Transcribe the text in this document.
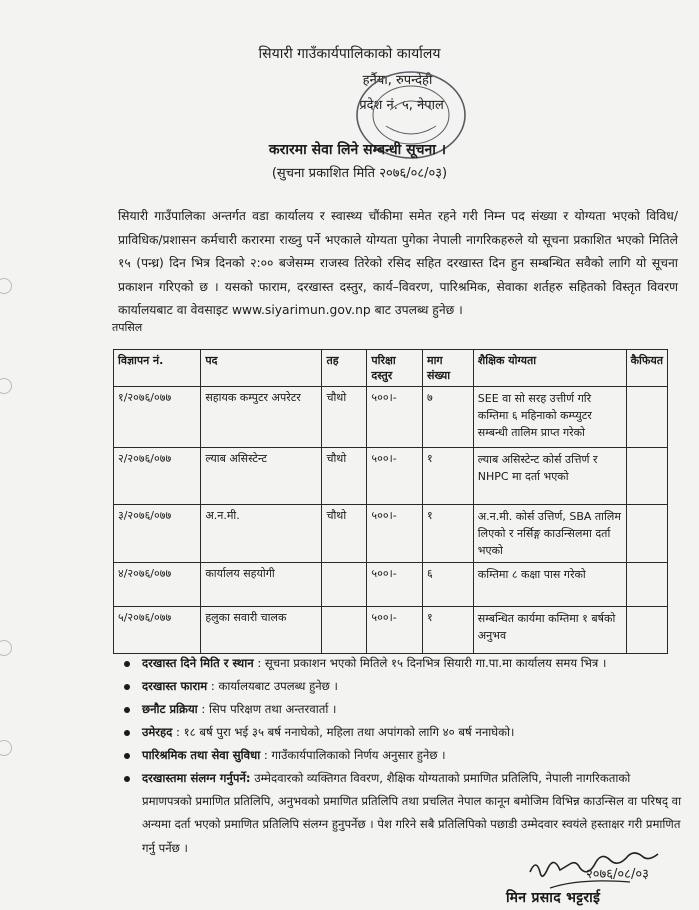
सियारी गाउँकार्यपालिकाको कार्यालय
हर्नैया, रुपन्देही
प्रदेश नं. ५, नेपाल
करारमा सेवा लिने सम्बन्धी सूचना ।
(सुचना प्रकाशित मिति २०७६/०८/०३)
सियारी गाउँपालिका अन्तर्गत वडा कार्यालय र स्वास्थ्य चौंकीमा समेत रहने गरी निम्न पद संख्या र योग्यता भएको विविध/प्राविधिक/प्रशासन कर्मचारी करारमा राख्नु पर्ने भएकाले योग्यता पुगेका नेपाली नागरिकहरुले यो सूचना प्रकाशित भएको मितिले १५ (पन्ध्र) दिन भित्र दिनको २:०० बजेसम्म राजस्व तिरेको रसिद सहित दरखास्त दिन हुन सम्बन्धित सवैको लागि यो सूचना प्रकाशन गरिएको छ । यसको फाराम, दरखास्त दस्तुर, कार्य–विवरण, पारिश्रमिक, सेवाका शर्तहरु सहितको विस्तृत विवरण कार्यालयबाट वा वेवसाइट www.siyarimun.gov.np बाट उपलब्ध हुनेछ ।
तपसिल
विज्ञापन नं.	पद	तह	परिक्षा दस्तुर	माग संख्या	शैक्षिक योग्यता	कैफियत
१/२०७६/०७७	सहायक कम्पुटर अपरेटर	चौथो	५००।-	७	SEE वा सो सरह उत्तीर्ण गरि कम्तिमा ६ महिनाको कम्प्युटर सम्बन्धी तालिम प्राप्त गरेको	
२/२०७६/०७७	ल्याब असिस्टेन्ट	चौथो	५००।-	१	ल्याब असिस्टेन्ट कोर्स उत्तिर्ण र NHPC मा दर्ता भएको	
३/२०७६/०७७	अ.न.मी.	चौथो	५००।-	१	अ.न.मी. कोर्स उत्तिर्ण, SBA तालिम लिएको र नर्सिङ्ग काउन्सिलमा दर्ता भएको	
४/२०७६/०७७	कार्यालय सहयोगी		५००।-	६	कम्तिमा ८ कक्षा पास गरेको	
५/२०७६/०७७	हलुका सवारी चालक		५००।-	१	सम्बन्धित कार्यमा कम्तिमा १ बर्षको अनुभव	
दरखास्त दिने मिति र स्थान : सूचना प्रकाशन भएको मितिले १५ दिनभित्र सियारी गा.पा.मा कार्यालय समय भित्र ।
दरखास्त फाराम : कार्यालयबाट उपलब्ध हुनेछ ।
छनौट प्रक्रिया : सिप परिक्षण तथा अन्तरवार्ता ।
उमेरहद : १८ बर्ष पुरा भई ३५ बर्ष ननाघेको, महिला तथा अपांगको लागि ४० बर्ष ननाघेको।
पारिश्रमिक तथा सेवा सुविधा : गाउँकार्यपालिकाको निर्णय अनुसार हुनेछ ।
दरखास्तमा संलग्न गर्नुपर्ने: उम्मेदवारको व्यक्तिगत विवरण, शैक्षिक योग्यताको प्रमाणित प्रतिलिपि, नेपाली नागरिकताको प्रमाणपत्रको प्रमाणित प्रतिलिपि, अनुभवको प्रमाणित प्रतिलिपि तथा प्रचलित नेपाल कानून बमोजिम विभिन्न काउन्सिल वा परिषद् वा अन्यमा दर्ता भएको प्रमाणित प्रतिलिपि संलग्न हुनुपर्नेछ । पेश गरिने सबै प्रतिलिपिको पछाडी उम्मेदवार स्वयंले हस्ताक्षर गरी प्रमाणित गर्नु पर्नेछ ।
२०७६/०८/०३
मिन प्रसाद भट्टराई
